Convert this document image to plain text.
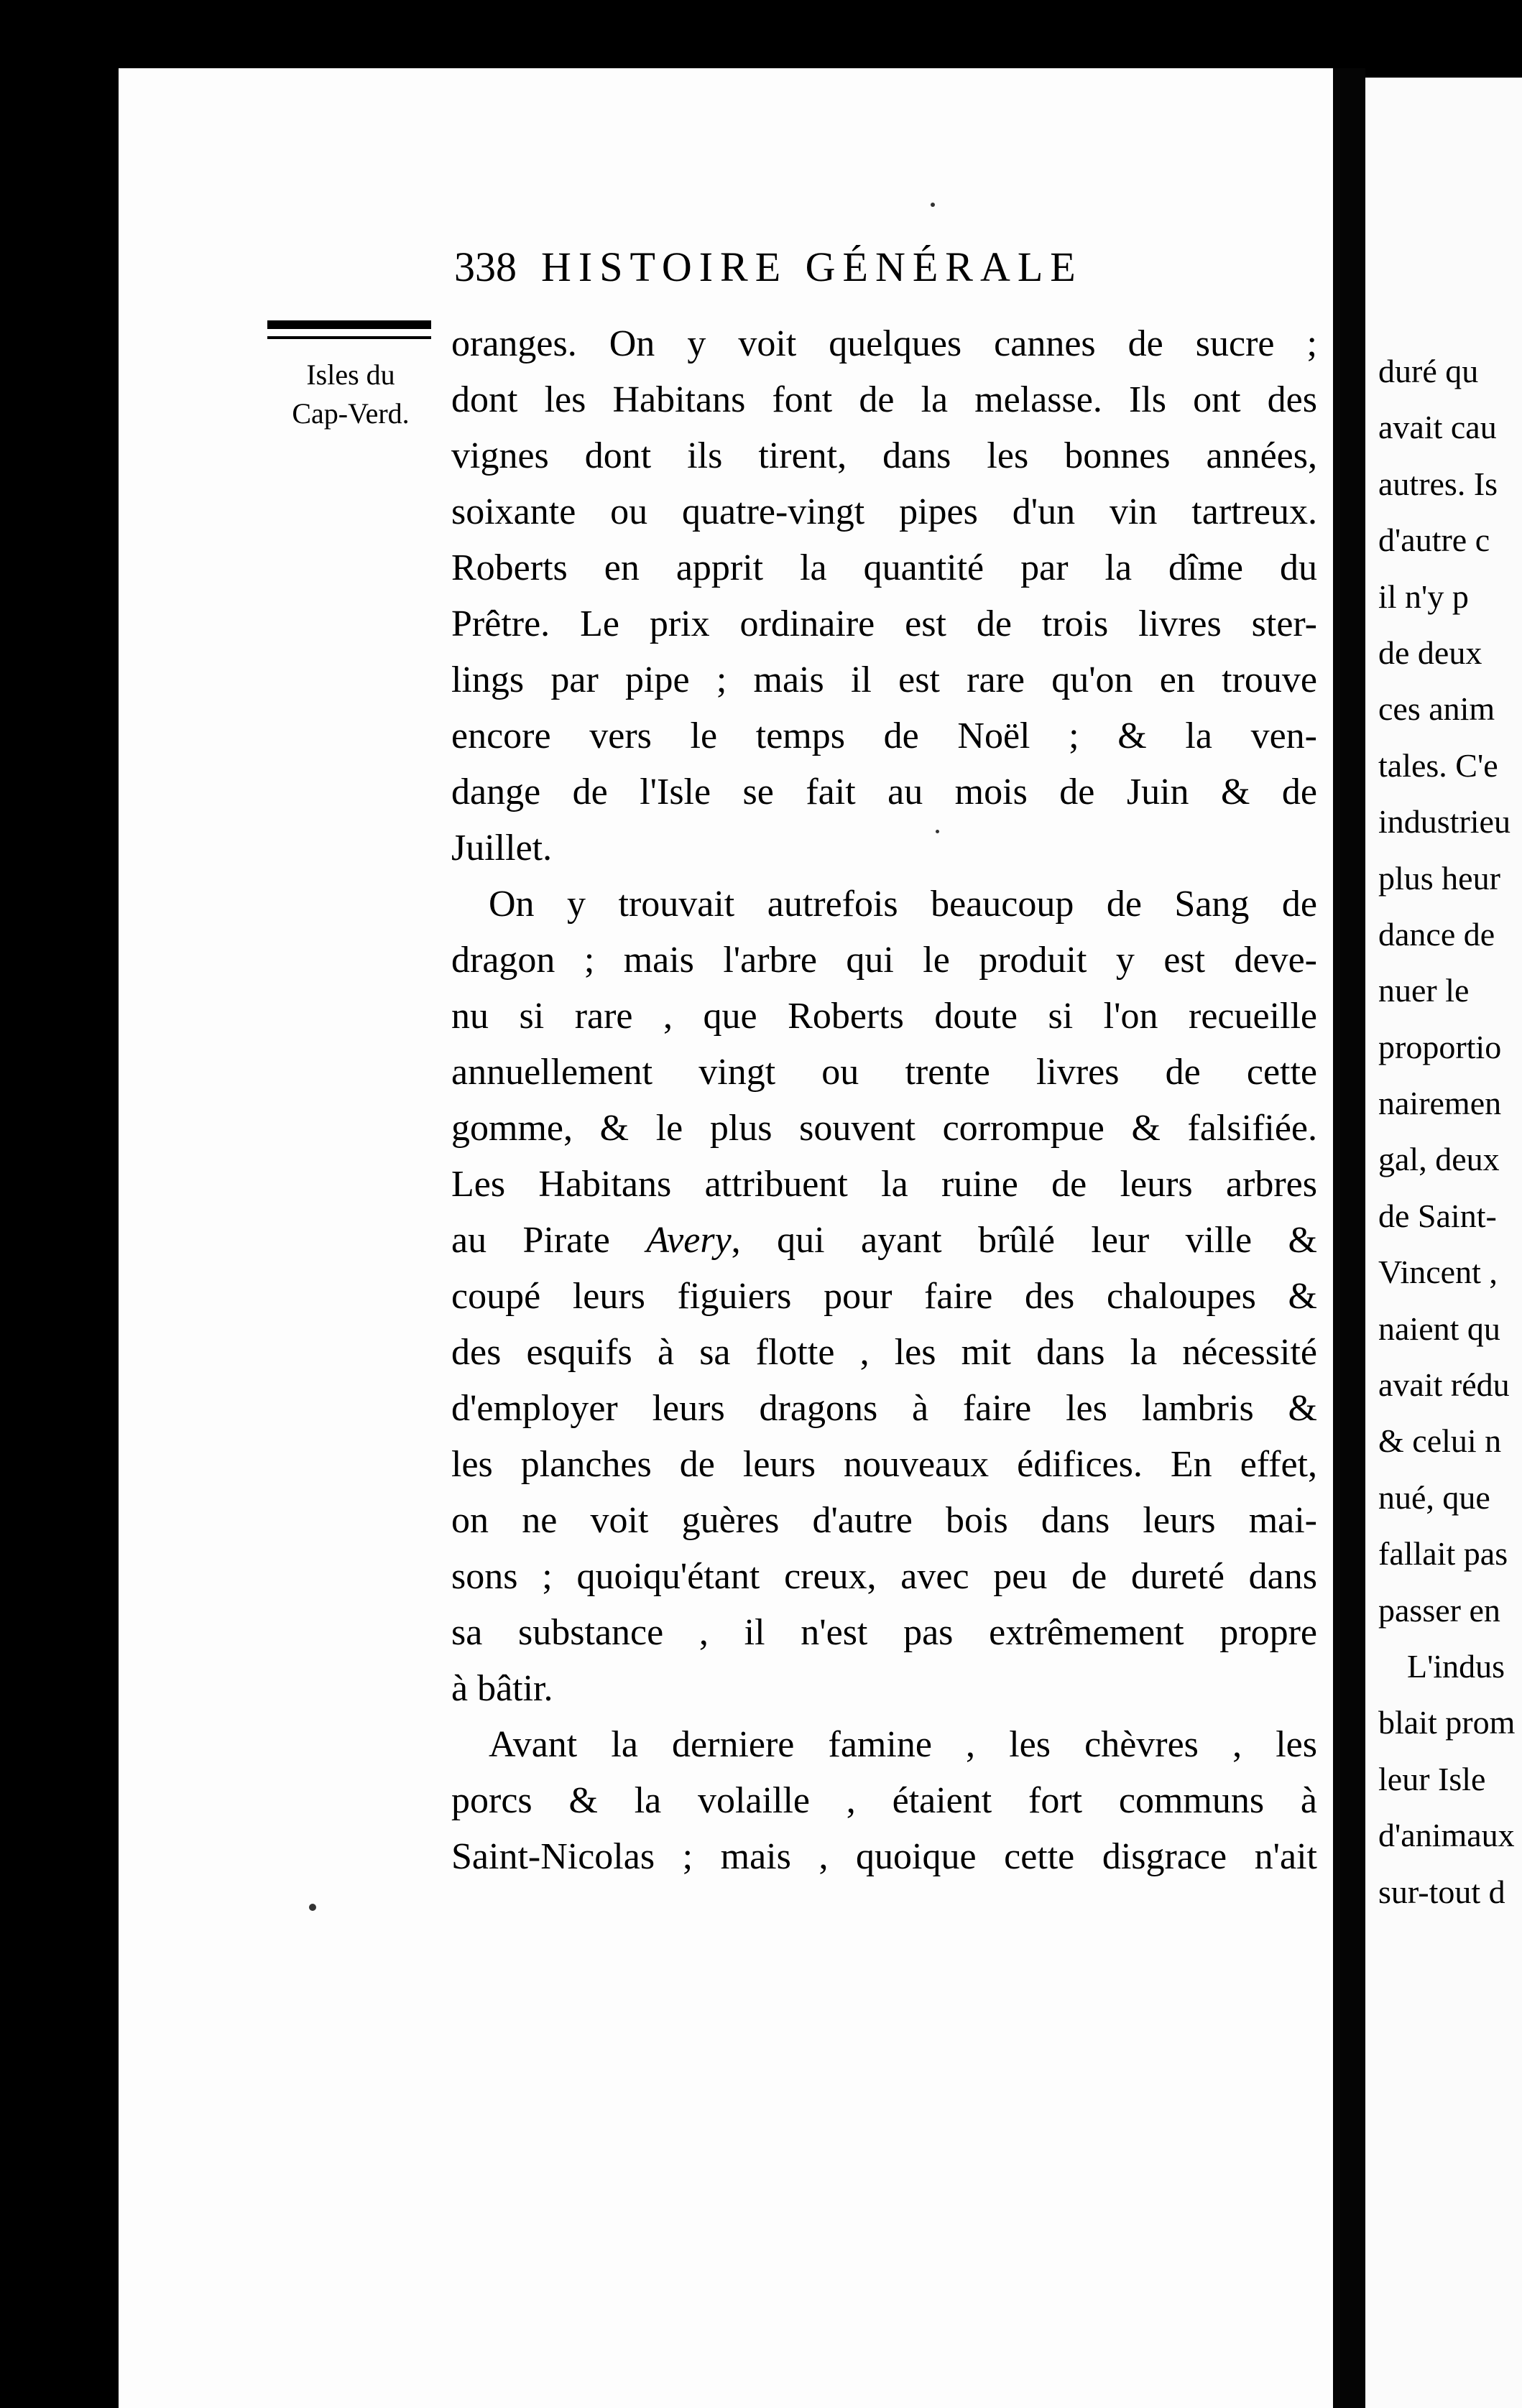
338 HISTOIRE GÉNÉRALE
Isles du
Cap-Verd.
oranges. On y voit quelques cannes de sucre ;
dont les Habitans font de la melasse. Ils ont des
vignes dont ils tirent, dans les bonnes années,
soixante ou quatre-vingt pipes d'un vin tartreux.
Roberts en apprit la quantité par la dîme du
Prêtre. Le prix ordinaire est de trois livres ster-
lings par pipe ; mais il est rare qu'on en trouve
encore vers le temps de Noël ; & la ven-
dange de l'Isle se fait au mois de Juin & de
Juillet.
On y trouvait autrefois beaucoup de Sang de
dragon ; mais l'arbre qui le produit y est deve-
nu si rare , que Roberts doute si l'on recueille
annuellement vingt ou trente livres de cette
gomme, & le plus souvent corrompue & falsifiée.
Les Habitans attribuent la ruine de leurs arbres
au Pirate Avery, qui ayant brûlé leur ville &
coupé leurs figuiers pour faire des chaloupes &
des esquifs à sa flotte , les mit dans la nécessité
d'employer leurs dragons à faire les lambris &
les planches de leurs nouveaux édifices. En effet,
on ne voit guères d'autre bois dans leurs mai-
sons ; quoiqu'étant creux, avec peu de dureté dans
sa substance , il n'est pas extrêmement propre
à bâtir.
Avant la derniere famine , les chèvres , les
porcs & la volaille , étaient fort communs à
Saint-Nicolas ; mais , quoique cette disgrace n'ait
duré qu
avait cau
autres. Is
d'autre c
il n'y p
de deux
ces anim
tales. C'e
industrieu
plus heur
dance de
nuer le
proportio
nairemen
gal, deux
de Saint-
Vincent ,
naient qu
avait rédu
& celui n
nué, que
fallait pas
passer en
L'indus
blait prom
leur Isle
d'animaux
sur-tout d
